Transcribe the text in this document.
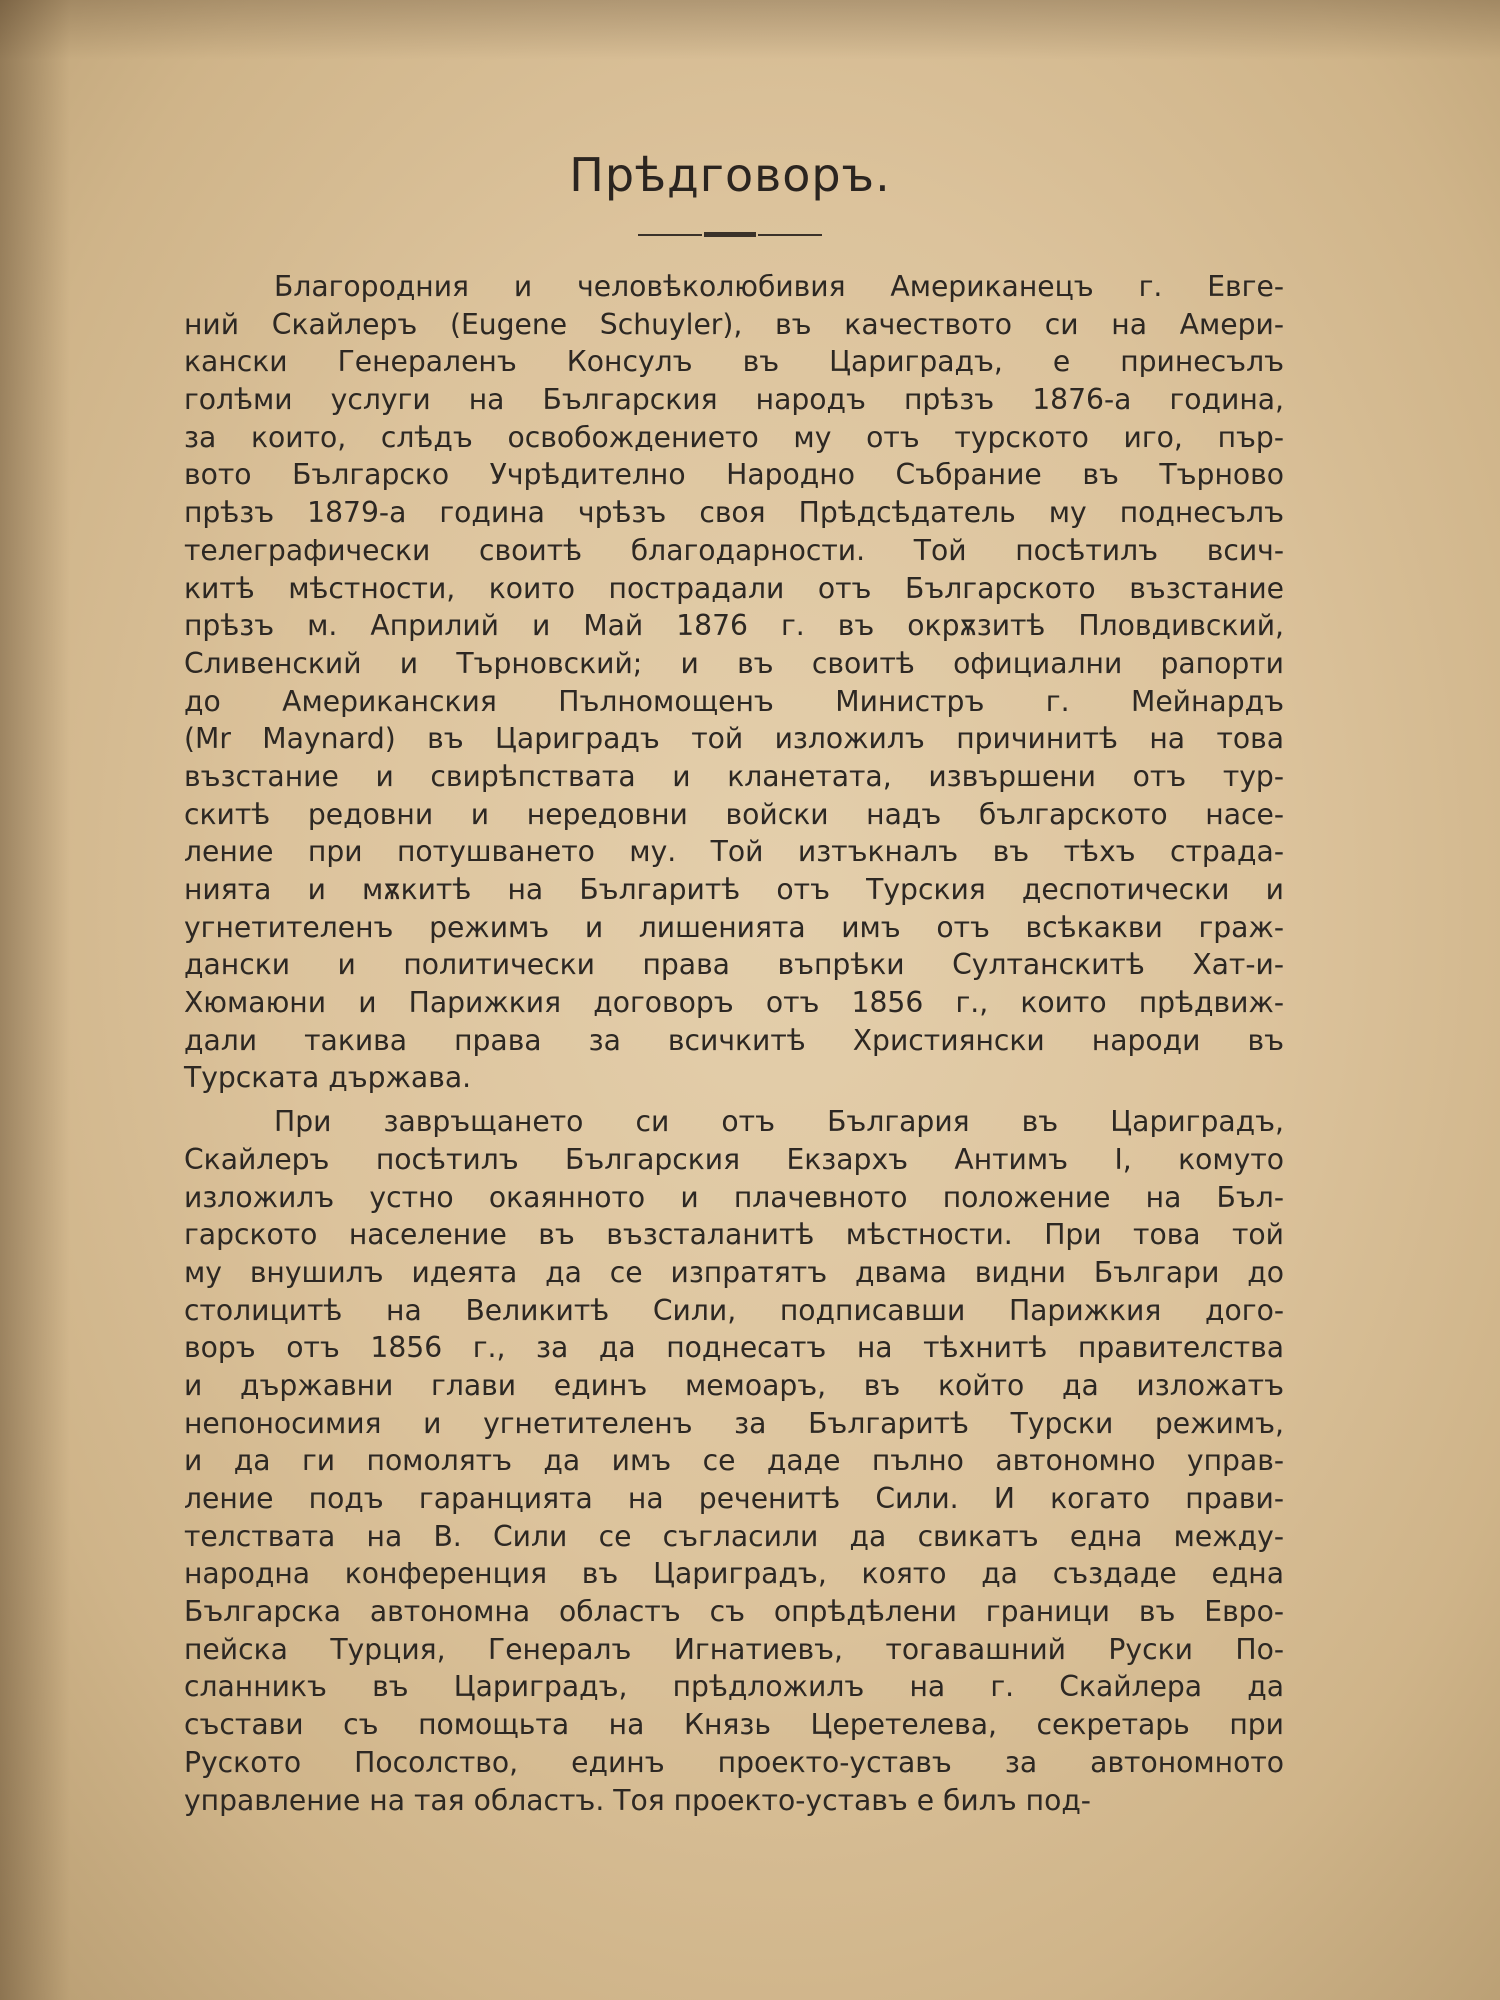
Прѣдговоръ.
Благородния и человѣколюбивия Американецъ г. Евге-
ний Скайлеръ (Eugene Schuyler), въ качеството си на Амери-
кански Генераленъ Консулъ въ Цариградъ, е принесълъ
голѣми услуги на Българския народъ прѣзъ 1876-а година,
за които, слѣдъ освобождението му отъ турското иго, пър-
вото Българско Учрѣдително Народно Събрание въ Търново
прѣзъ 1879-а година чрѣзъ своя Прѣдсѣдатель му поднесълъ
телеграфически своитѣ благодарности. Той посѣтилъ всич-
китѣ мѣстности, които пострадали отъ Българското възстание
прѣзъ м. Априлий и Май 1876 г. въ окрѫзитѣ Пловдивский,
Сливенский и Търновский; и въ своитѣ официални рапорти
до Американския Пълномощенъ Министръ г. Мейнардъ
(Mr Maynard) въ Цариградъ той изложилъ причинитѣ на това
възстание и свирѣпствата и кланетата, извършени отъ тур-
скитѣ редовни и нередовни войски надъ българското насе-
ление при потушването му. Той изтъкналъ въ тѣхъ страда-
нията и мѫкитѣ на Българитѣ отъ Турския деспотически и
угнетителенъ режимъ и лишенията имъ отъ всѣкакви граж-
дански и политически права въпрѣки Султанскитѣ Хат-и-
Хюмаюни и Парижкия договоръ отъ 1856 г., които прѣдвиж-
дали такива права за всичкитѣ Християнски народи въ
Турската държава.
При завръщането си отъ България въ Цариградъ,
Скайлеръ посѣтилъ Българския Екзархъ Антимъ I, комуто
изложилъ устно окаянното и плачевното положение на Бъл-
гарското население въ възсталанитѣ мѣстности. При това той
му внушилъ идеята да се изпратятъ двама видни Българи до
столицитѣ на Великитѣ Сили, подписавши Парижкия дого-
воръ отъ 1856 г., за да поднесатъ на тѣхнитѣ правителства
и държавни глави единъ мемоаръ, въ който да изложатъ
непоносимия и угнетителенъ за Българитѣ Турски режимъ,
и да ги помолятъ да имъ се даде пълно автономно управ-
ление подъ гаранцията на реченитѣ Сили. И когато прави-
телствата на В. Сили се съгласили да свикатъ една между-
народна конференция въ Цариградъ, която да създаде една
Българска автономна областъ съ опрѣдѣлени граници въ Евро-
пейска Турция, Генералъ Игнатиевъ, тогавашний Руски По-
сланникъ въ Цариградъ, прѣдложилъ на г. Скайлера да
състави съ помощьта на Князь Церетелева, секретарь при
Руското Посолство, единъ проекто-уставъ за автономното
управление на тая областъ. Тоя проекто-уставъ е билъ под-
